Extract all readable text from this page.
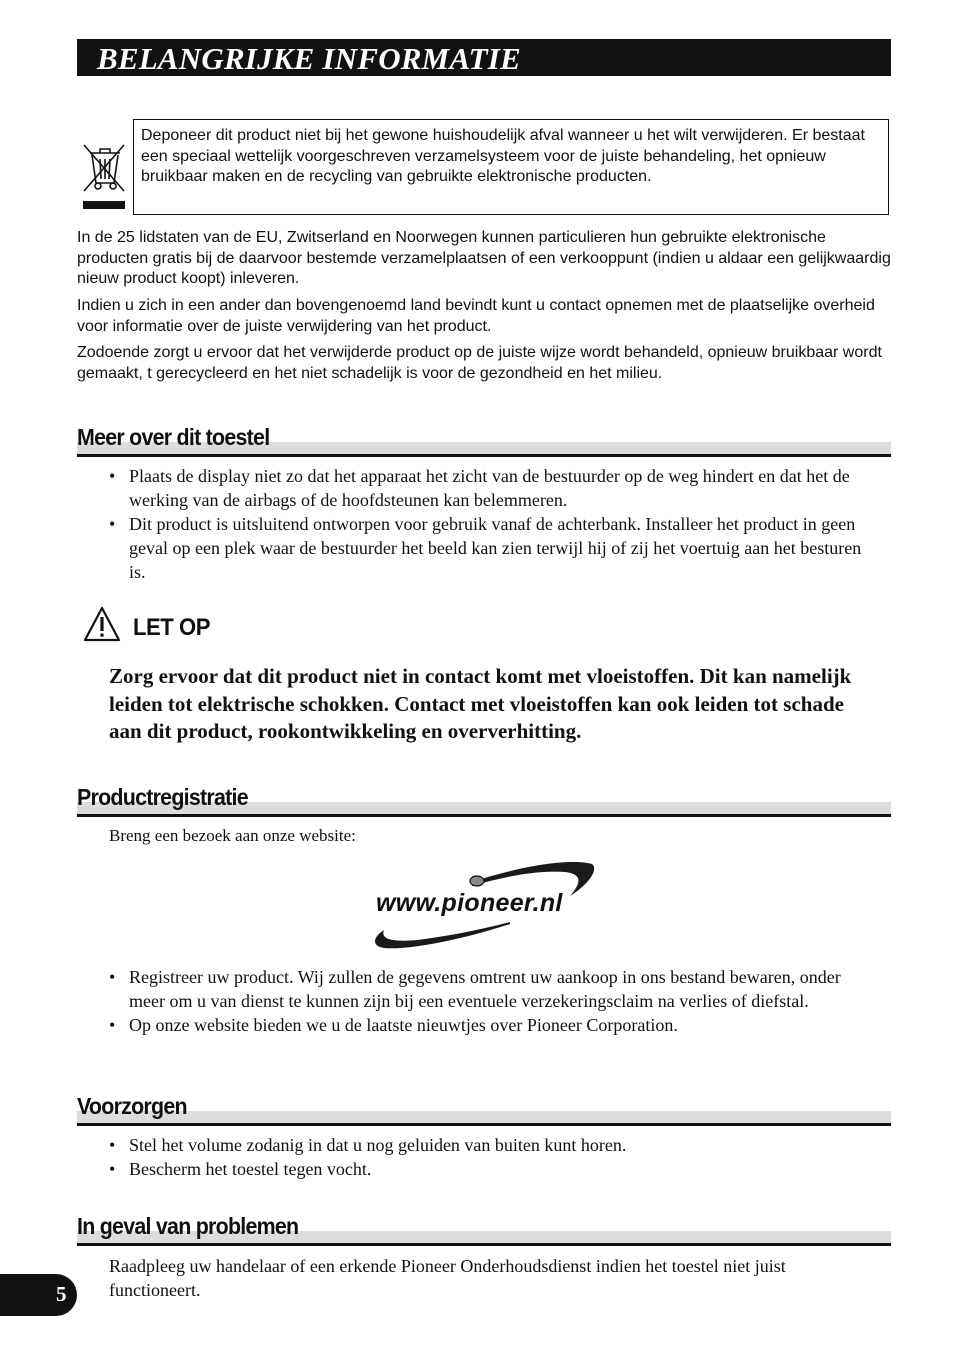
BELANGRIJKE INFORMATIE
Deponeer dit product niet bij het gewone huishoudelijk afval wanneer u het wilt verwijderen. Er bestaat een speciaal wettelijk voorgeschreven verzamelsysteem voor de juiste behandeling, het opnieuw bruikbaar maken en de recycling van gebruikte elektronische producten.

In de 25 lidstaten van de EU, Zwitserland en Noorwegen kunnen particulieren hun gebruikte elektronische producten gratis bij de daarvoor bestemde verzamelplaatsen of een verkooppunt (indien u aldaar een gelijkwaardig nieuw product koopt) inleveren.

Indien u zich in een ander dan bovengenoemd land bevindt kunt u contact opnemen met de plaatselijke overheid voor informatie over de juiste verwijdering van het product.

Zodoende zorgt u ervoor dat het verwijderde product op de juiste wijze wordt behandeld, opnieuw bruikbaar wordt gemaakt, t gerecycleerd en het niet schadelijk is voor de gezondheid en het milieu.

Meer over dit toestel
• Plaats de display niet zo dat het apparaat het zicht van de bestuurder op de weg hindert en dat het de werking van de airbags of de hoofdsteunen kan belemmeren.
• Dit product is uitsluitend ontworpen voor gebruik vanaf de achterbank. Installeer het product in geen geval op een plek waar de bestuurder het beeld kan zien terwijl hij of zij het voertuig aan het besturen is.
LET OP

Zorg ervoor dat dit product niet in contact komt met vloeistoffen. Dit kan namelijk leiden tot elektrische schokken. Contact met vloeistoffen kan ook leiden tot schade aan dit product, rookontwikkeling en oververhitting.

Productregistratie

Breng een bezoek aan onze website:

www.pioneer.nl
• Registreer uw product. Wij zullen de gegevens omtrent uw aankoop in ons bestand bewaren, onder meer om u van dienst te kunnen zijn bij een eventuele verzekeringsclaim na verlies of diefstal.
• Op onze website bieden we u de laatste nieuwtjes over Pioneer Corporation.
Voorzorgen
• Stel het volume zodanig in dat u nog geluiden van buiten kunt horen.
• Bescherm het toestel tegen vocht.
In geval van problemen

Raadpleeg uw handelaar of een erkende Pioneer Onderhoudsdienst indien het toestel niet juist functioneert.

5
